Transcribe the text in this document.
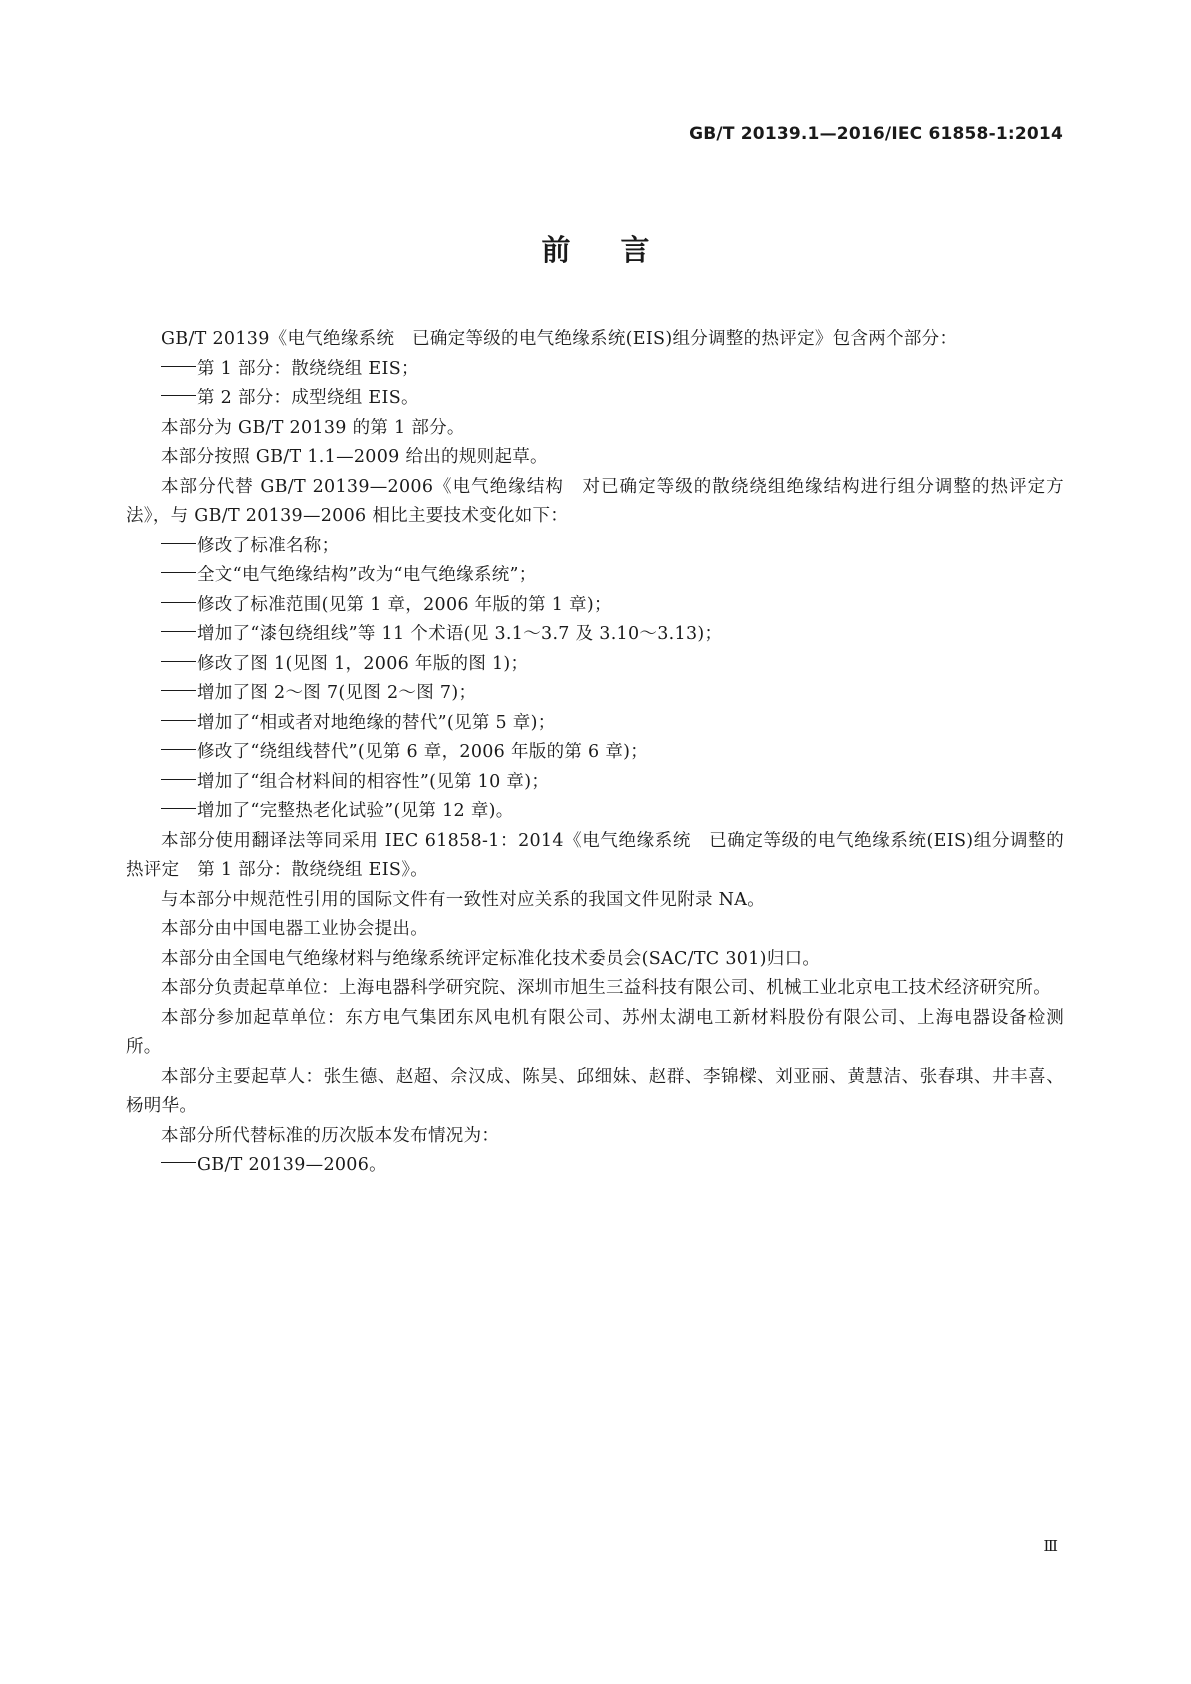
GB/T 20139.1—2016/IEC 61858-1:2014
前言

GB/T 20139《电气绝缘系统　已确定等级的电气绝缘系统(EIS)组分调整的热评定》包含两个部分：

第 1 部分：散绕绕组 EIS；

第 2 部分：成型绕组 EIS。

本部分为 GB/T 20139 的第 1 部分。

本部分按照 GB/T 1.1—2009 给出的规则起草。

本部分代替 GB/T 20139—2006《电气绝缘结构　对已确定等级的散绕绕组绝缘结构进行组分调整的热评定方法》，与 GB/T 20139—2006 相比主要技术变化如下：

修改了标准名称；

全文“电气绝缘结构”改为“电气绝缘系统”；

修改了标准范围(见第 1 章，2006 年版的第 1 章)；

增加了“漆包绕组线”等 11 个术语(见 3.1～3.7 及 3.10～3.13)；

修改了图 1(见图 1，2006 年版的图 1)；

增加了图 2～图 7(见图 2～图 7)；

增加了“相或者对地绝缘的替代”(见第 5 章)；

修改了“绕组线替代”(见第 6 章，2006 年版的第 6 章)；

增加了“组合材料间的相容性”(见第 10 章)；

增加了“完整热老化试验”(见第 12 章)。

本部分使用翻译法等同采用 IEC 61858-1：2014《电气绝缘系统　已确定等级的电气绝缘系统(EIS)组分调整的热评定　第 1 部分：散绕绕组 EIS》。

与本部分中规范性引用的国际文件有一致性对应关系的我国文件见附录 NA。

本部分由中国电器工业协会提出。

本部分由全国电气绝缘材料与绝缘系统评定标准化技术委员会(SAC/TC 301)归口。

本部分负责起草单位：上海电器科学研究院、深圳市旭生三益科技有限公司、机械工业北京电工技术经济研究所。

本部分参加起草单位：东方电气集团东风电机有限公司、苏州太湖电工新材料股份有限公司、上海电器设备检测所。

本部分主要起草人：张生德、赵超、佘汉成、陈昊、邱细妹、赵群、李锦樑、刘亚丽、黄慧洁、张春琪、井丰喜、杨明华。

本部分所代替标准的历次版本发布情况为：

GB/T 20139—2006。

Ⅲ
